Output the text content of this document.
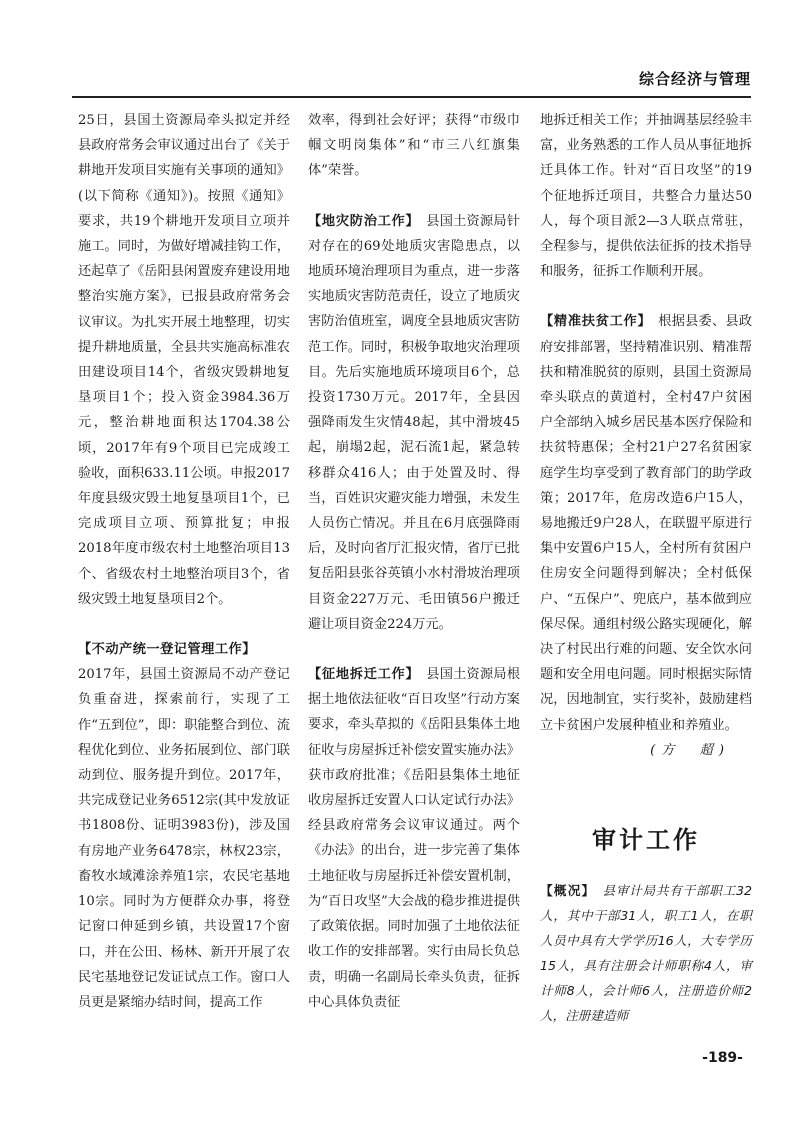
综合经济与管理

25日，县国土资源局牵头拟定并经县政府常务会审议通过出台了《关于耕地开发项目实施有关事项的通知》(以下简称《通知》)。按照《通知》要求，共19个耕地开发项目立项并施工。同时，为做好增减挂钩工作，还起草了《岳阳县闲置废弃建设用地整治实施方案》，已报县政府常务会议审议。为扎实开展土地整理，切实提升耕地质量，全县共实施高标准农田建设项目14个，省级灾毁耕地复垦项目1个；投入资金3984.36万元，整治耕地面积达1704.38公顷，2017年有9个项目已完成竣工验收，面积633.11公顷。申报2017年度县级灾毁土地复垦项目1个，已完成项目立项、预算批复；申报2018年度市级农村土地整治项目13个、省级农村土地整治项目3个，省级灾毁土地复垦项目2个。

【不动产统一登记管理工作】
2017年，县国土资源局不动产登记负重奋进，探索前行，实现了工作“五到位”，即：职能整合到位、流程优化到位、业务拓展到位、部门联动到位、服务提升到位。2017年，共完成登记业务6512宗(其中发放证书1808份、证明3983份)，涉及国有房地产业务6478宗，林权23宗，畜牧水域滩涂养殖1宗，农民宅基地10宗。同时为方便群众办事，将登记窗口伸延到乡镇，共设置17个窗口，并在公田、杨林、新开开展了农民宅基地登记发证试点工作。窗口人员更是紧缩办结时间，提高工作

效率，得到社会好评；获得“市级巾帼文明岗集体”和“市三八红旗集体”荣誉。

【地灾防治工作】　 县国土资源局针对存在的69处地质灾害隐患点，以地质环境治理项目为重点，进一步落实地质灾害防范责任，设立了地质灾害防治值班室，调度全县地质灾害防范工作。同时，积极争取地灾治理项目。先后实施地质环境项目6个，总投资1730万元。2017年，全县因强降雨发生灾情48起，其中滑坡45起，崩塌2起，泥石流1起，紧急转移群众416人；由于处置及时、得当，百姓识灾避灾能力增强，未发生人员伤亡情况。并且在6月底强降雨后，及时向省厅汇报灾情，省厅已批复岳阳县张谷英镇小水村滑坡治理项目资金227万元、毛田镇56户搬迁避让项目资金224万元。

【征地拆迁工作】　 县国土资源局根据土地依法征收“百日攻坚”行动方案要求，牵头草拟的《岳阳县集体土地征收与房屋拆迁补偿安置实施办法》获市政府批准；《岳阳县集体土地征收房屋拆迁安置人口认定试行办法》经县政府常务会议审议通过。两个《办法》的出台，进一步完善了集体土地征收与房屋拆迁补偿安置机制，为“百日攻坚”大会战的稳步推进提供了政策依据。同时加强了土地依法征收工作的安排部署。实行由局长负总责，明确一名副局长牵头负责，征拆中心具体负责征

地拆迁相关工作；并抽调基层经验丰富，业务熟悉的工作人员从事征地拆迁具体工作。针对“百日攻坚”的19个征地拆迁项目，共整合力量达50人，每个项目派2—3人联点常驻，全程参与，提供依法征拆的技术指导和服务，征拆工作顺利开展。

【精准扶贫工作】　 根据县委、县政府安排部署，坚持精准识别、精准帮扶和精准脱贫的原则，县国土资源局牵头联点的黄道村，全村47户贫困户全部纳入城乡居民基本医疗保险和扶贫特惠保；全村21户27名贫困家庭学生均享受到了教育部门的助学政策；2017年，危房改造6户15人，易地搬迁9户28人，在联盟平原进行集中安置6户15人，全村所有贫困户住房安全问题得到解决；全村低保户、“五保户”、兜底户，基本做到应保尽保。通组村级公路实现硬化，解决了村民出行难的问题、安全饮水问题和安全用电问题。同时根据实际情况，因地制宜，实行奖补，鼓励建档立卡贫困户发展种植业和养殖业。

(方　超)

审计工作
【概况】　 县审计局共有干部职工32人，其中干部31人，职工1人，在职人员中具有大学学历16人，大专学历15人，具有注册会计师职称4人，审计师8人，会计师6人，注册造价师2人，注册建造师
-189-
